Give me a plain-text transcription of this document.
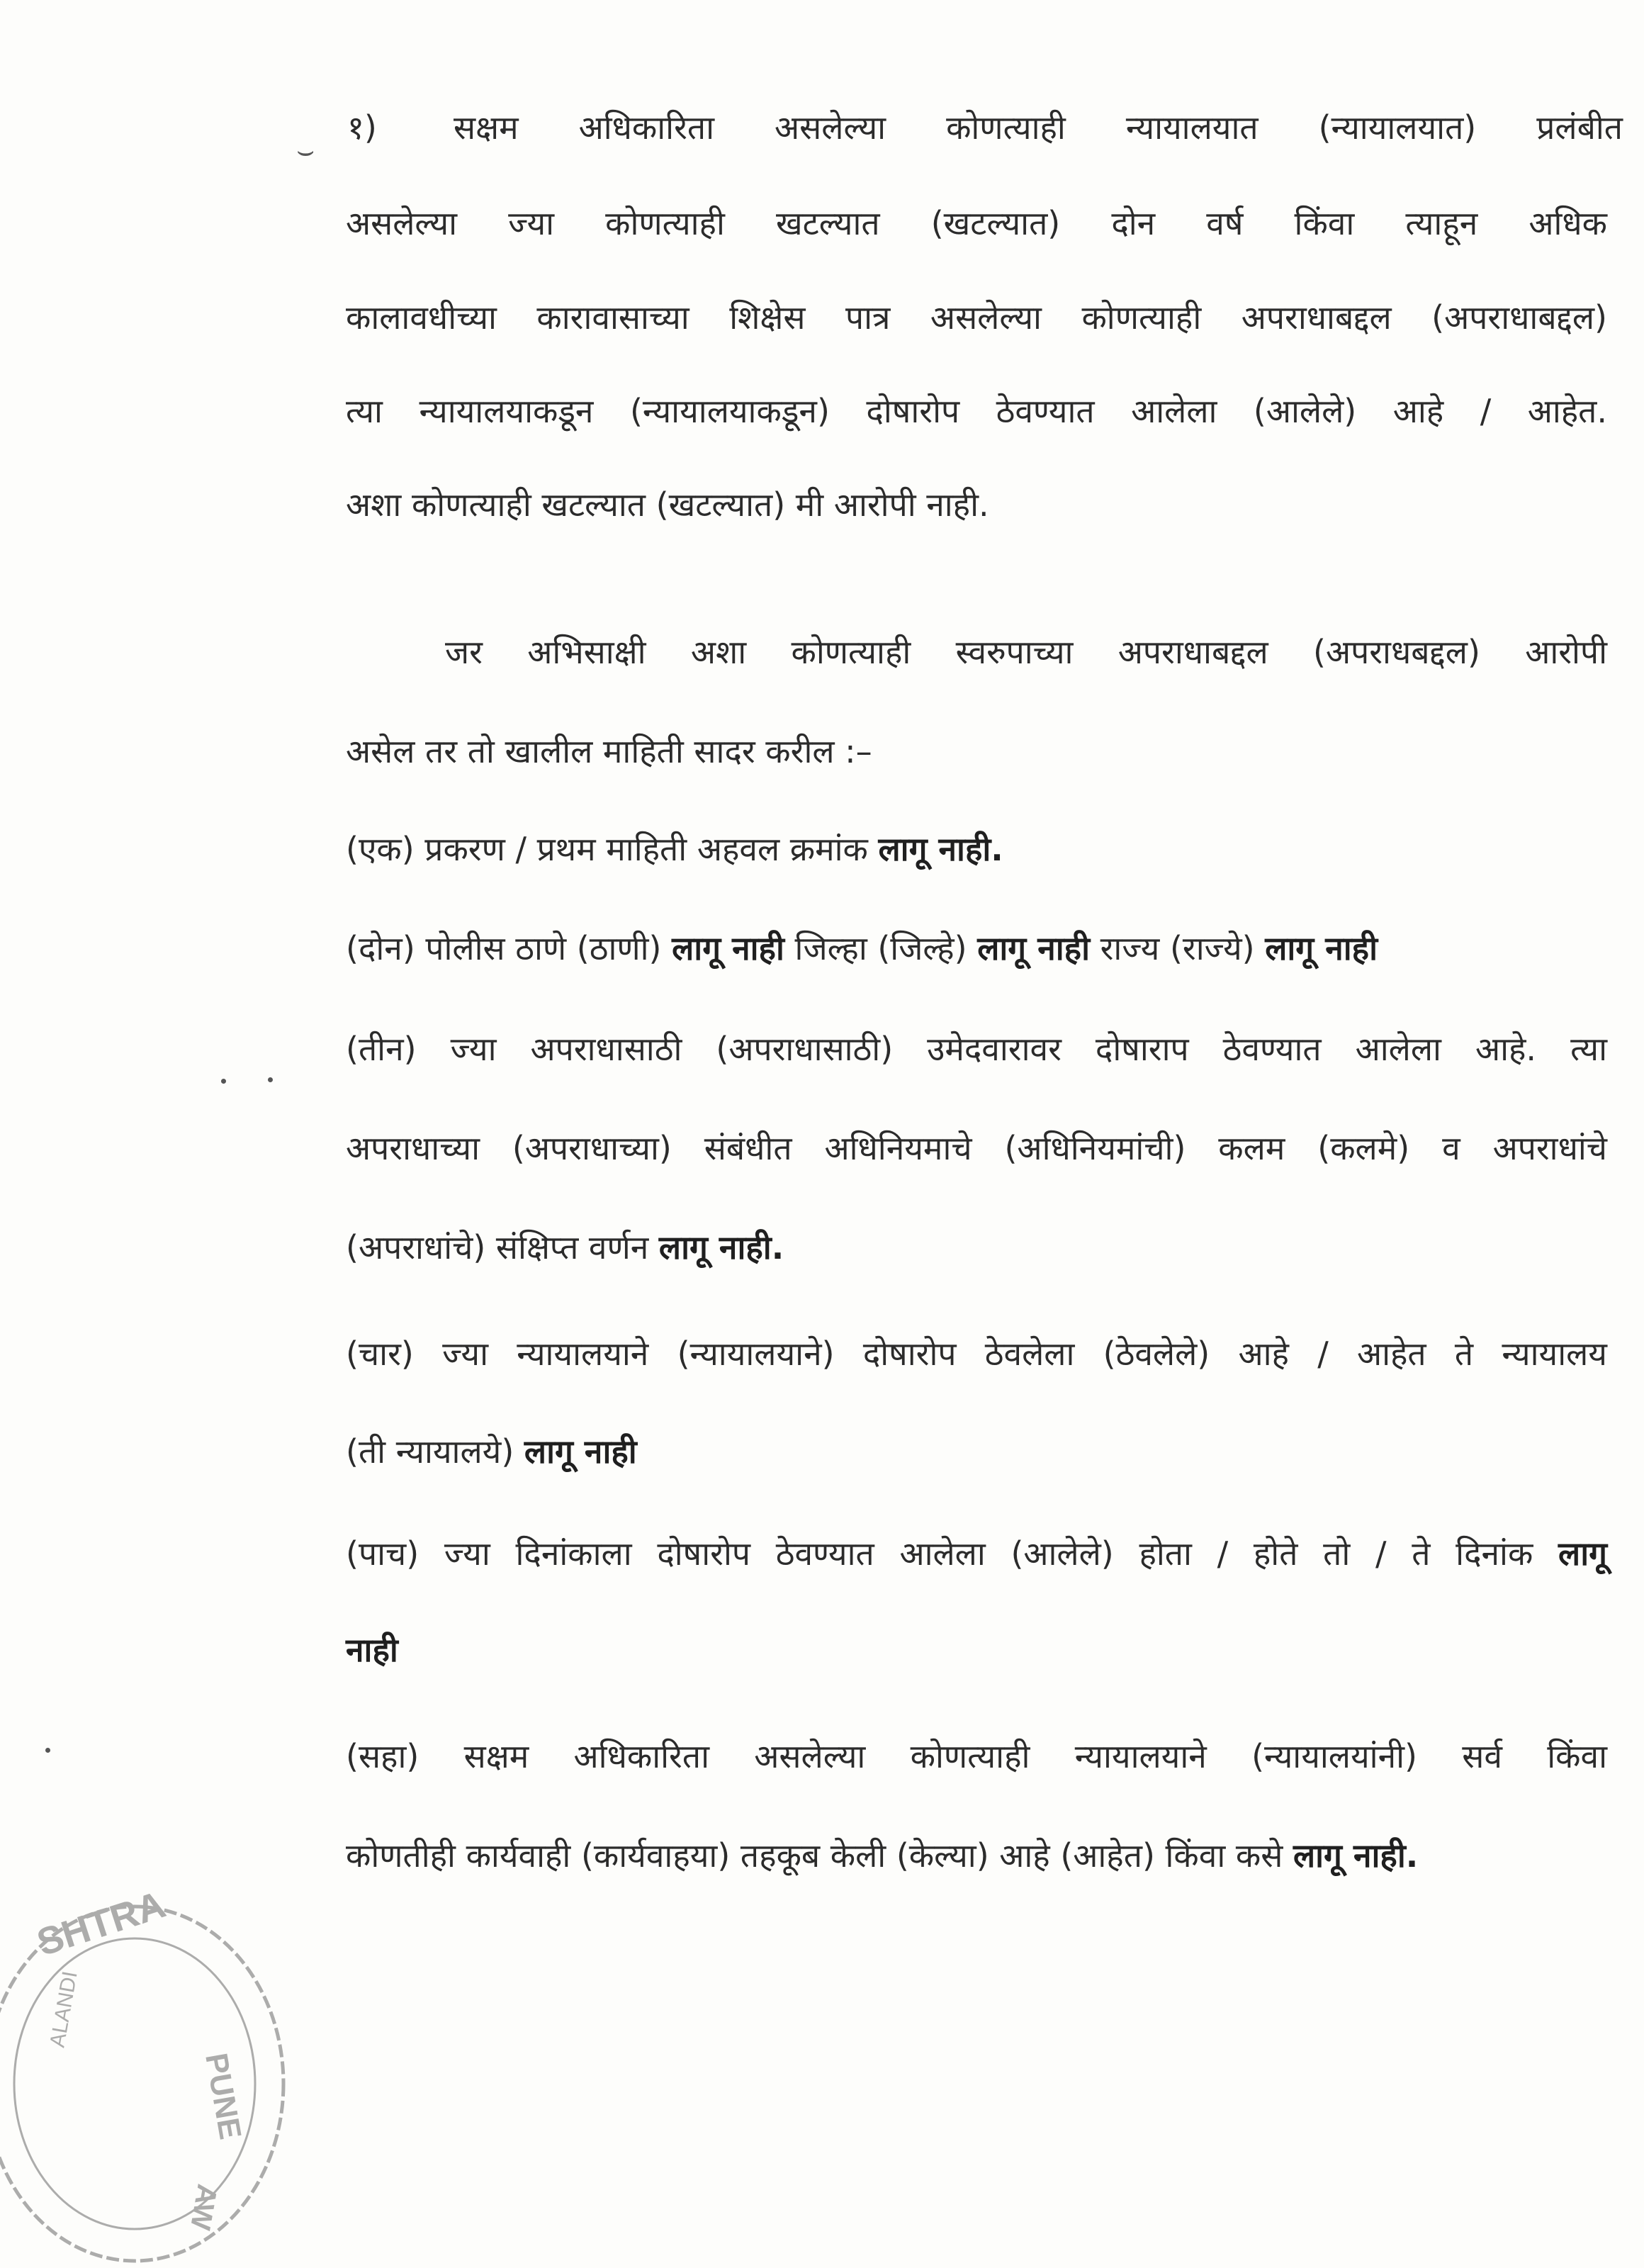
⌣
१) सक्षम अधिकारिता असलेल्या कोणत्याही न्यायालयात (न्यायालयात) प्रलंबीत
असलेल्या ज्या कोणत्याही खटल्यात (खटल्यात) दोन वर्ष किंवा त्याहून अधिक
कालावधीच्या कारावासाच्या शिक्षेस पात्र असलेल्या कोणत्याही अपराधाबद्दल (अपराधाबद्दल)
त्या न्यायालयाकडून (न्यायालयाकडून) दोषारोप ठेवण्यात आलेला (आलेले) आहे / आहेत.
अशा कोणत्याही खटल्यात (खटल्यात) मी आरोपी नाही.
जर अभिसाक्षी अशा कोणत्याही स्वरुपाच्या अपराधाबद्दल (अपराधबद्दल) आरोपी
असेल तर तो खालील माहिती सादर करील :–
(एक) प्रकरण / प्रथम माहिती अहवल क्रमांक लागू नाही.
(दोन) पोलीस ठाणे (ठाणी) लागू नाही जिल्हा (जिल्हे) लागू नाही राज्य (राज्ये) लागू नाही
(तीन) ज्या अपराधासाठी (अपराधासाठी) उमेदवारावर दोषाराप ठेवण्यात आलेला आहे. त्या
अपराधाच्या (अपराधाच्या) संबंधीत अधिनियमाचे (अधिनियमांची) कलम (कलमे) व अपराधांचे
(अपराधांचे) संक्षिप्त वर्णन लागू नाही.
(चार) ज्या न्यायालयाने (न्यायालयाने) दोषारोप ठेवलेला (ठेवलेले) आहे / आहेत ते न्यायालय
(ती न्यायालये) लागू नाही
(पाच) ज्या दिनांकाला दोषारोप ठेवण्यात आलेला (आलेले) होता / होते तो / ते दिनांक लागू
नाही
(सहा) सक्षम अधिकारिता असलेल्या कोणत्याही न्यायालयाने (न्यायालयांनी) सर्व किंवा
कोणतीही कार्यवाही (कार्यवाहया) तहकूब केली (केल्या) आहे (आहेत) किंवा कसे लागू नाही.
SHTRA
PUNE
ALANDI
AW
